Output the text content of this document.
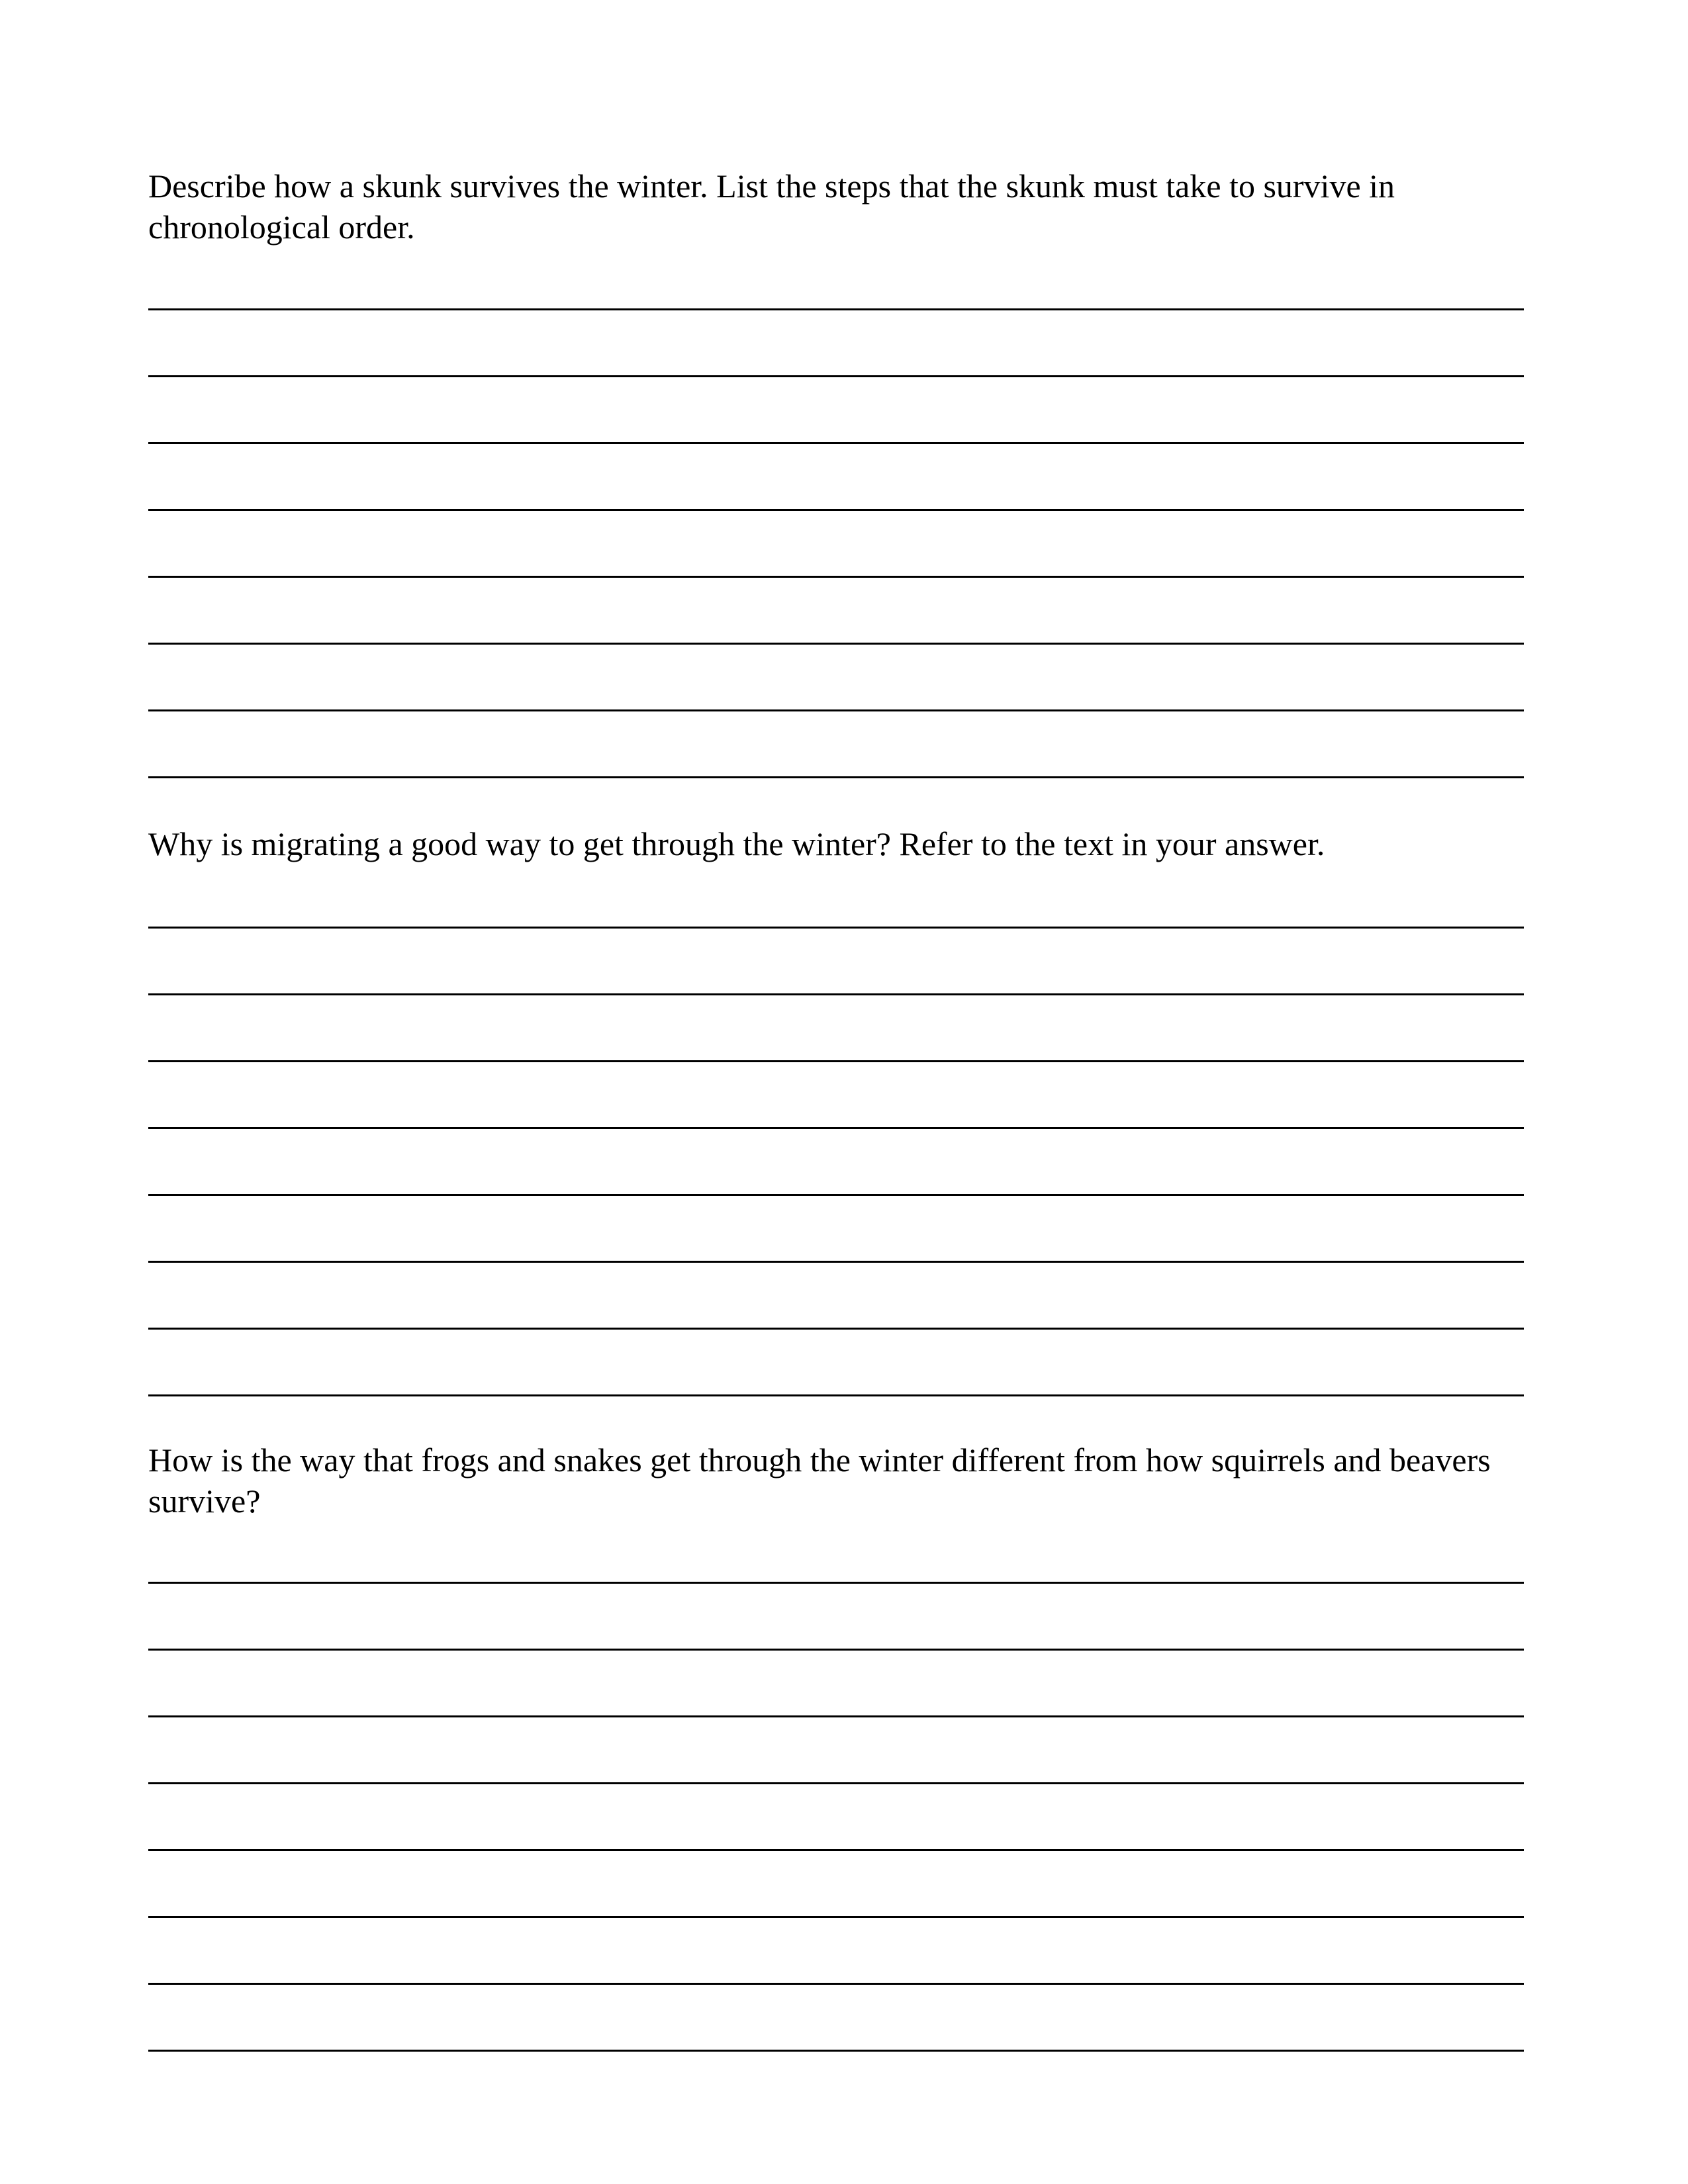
Describe how a skunk survives the winter. List the steps that the skunk must take to survive in chronological order.

Why is migrating a good way to get through the winter? Refer to the text in your answer.

How is the way that frogs and snakes get through the winter different from how squirrels and beavers survive?
